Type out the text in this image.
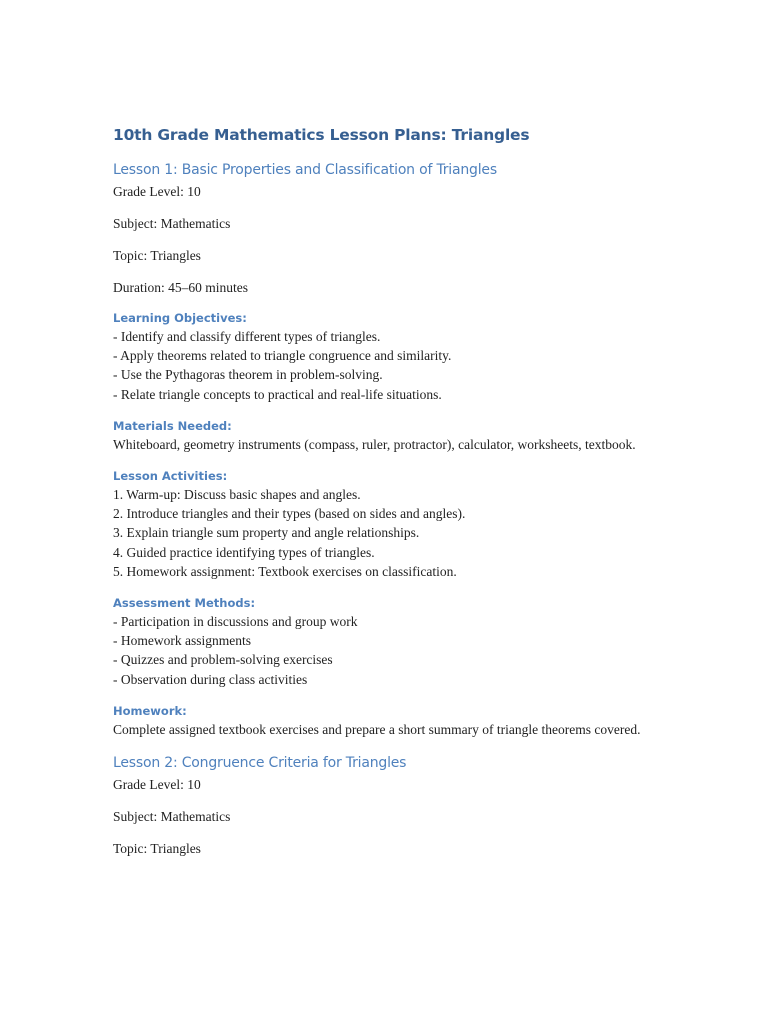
10th Grade Mathematics Lesson Plans: Triangles
Lesson 1: Basic Properties and Classification of Triangles

Grade Level: 10

Subject: Mathematics

Topic: Triangles

Duration: 45–60 minutes

Learning Objectives:

- Identify and classify different types of triangles.

- Apply theorems related to triangle congruence and similarity.

- Use the Pythagoras theorem in problem-solving.

- Relate triangle concepts to practical and real-life situations.

Materials Needed:

Whiteboard, geometry instruments (compass, ruler, protractor), calculator, worksheets, textbook.

Lesson Activities:

1. Warm-up: Discuss basic shapes and angles.

2. Introduce triangles and their types (based on sides and angles).

3. Explain triangle sum property and angle relationships.

4. Guided practice identifying types of triangles.

5. Homework assignment: Textbook exercises on classification.

Assessment Methods:

- Participation in discussions and group work

- Homework assignments

- Quizzes and problem-solving exercises

- Observation during class activities

Homework:

Complete assigned textbook exercises and prepare a short summary of triangle theorems covered.

Lesson 2: Congruence Criteria for Triangles

Grade Level: 10

Subject: Mathematics

Topic: Triangles
